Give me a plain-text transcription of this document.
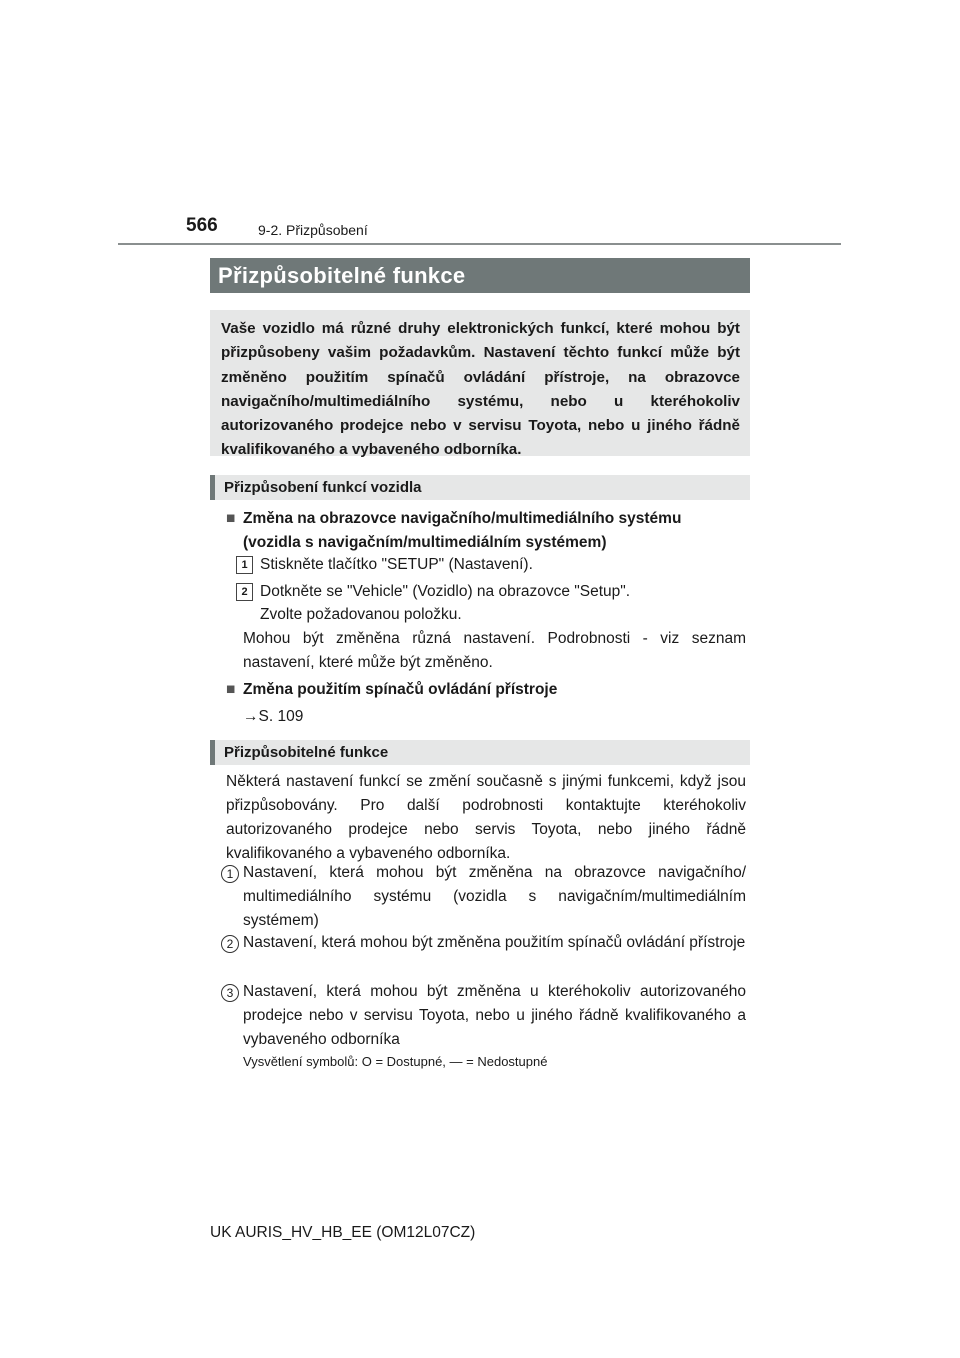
566	9-2. Přizpůsobení
Přizpůsobitelné funkce

Vaše vozidlo má různé druhy elektronických funkcí, které mohou být přizpůsobeny vašim požadavkům. Nastavení těchto funkcí může být změněno použitím spínačů ovládání přístroje, na obrazovce navigačního/multimediálního systému, nebo u kteréhokoliv autorizovaného prodejce nebo v servisu Toyota, nebo u jiného řádně kvalifikovaného a vybaveného odborníka.

Přizpůsobení funkcí vozidla
■ Změna na obrazovce navigačního/multimediálního systému
(vozidla s navigačním/multimediálním systémem)
1 Stiskněte tlačítko "SETUP" (Nastavení).
2 Dotkněte se "Vehicle" (Vozidlo) na obrazovce "Setup".
Zvolte požadovanou položku.
Mohou být změněna různá nastavení. Podrobnosti - viz seznam nastavení, které může být změněno.
■ Změna použitím spínačů ovládání přístroje
→S. 109
Přizpůsobitelné funkce
Některá nastavení funkcí se změní současně s jinými funkcemi, když jsou přizpůsobovány. Pro další podrobnosti kontaktujte kteréhokoliv autorizovaného prodejce nebo servis Toyota, nebo jiného řádně kvalifikovaného a vybaveného odborníka.
1 Nastavení, která mohou být změněna na obrazovce navigačního/ multimediálního systému (vozidla s navigačním/multimediálním systémem)
2 Nastavení, která mohou být změněna použitím spínačů ovládání přístroje
3 Nastavení, která mohou být změněna u kteréhokoliv autorizovaného prodejce nebo v servisu Toyota, nebo u jiného řádně kvalifikovaného a vybaveného odborníka
Vysvětlení symbolů: O = Dostupné, — = Nedostupné
UK AURIS_HV_HB_EE (OM12L07CZ)
